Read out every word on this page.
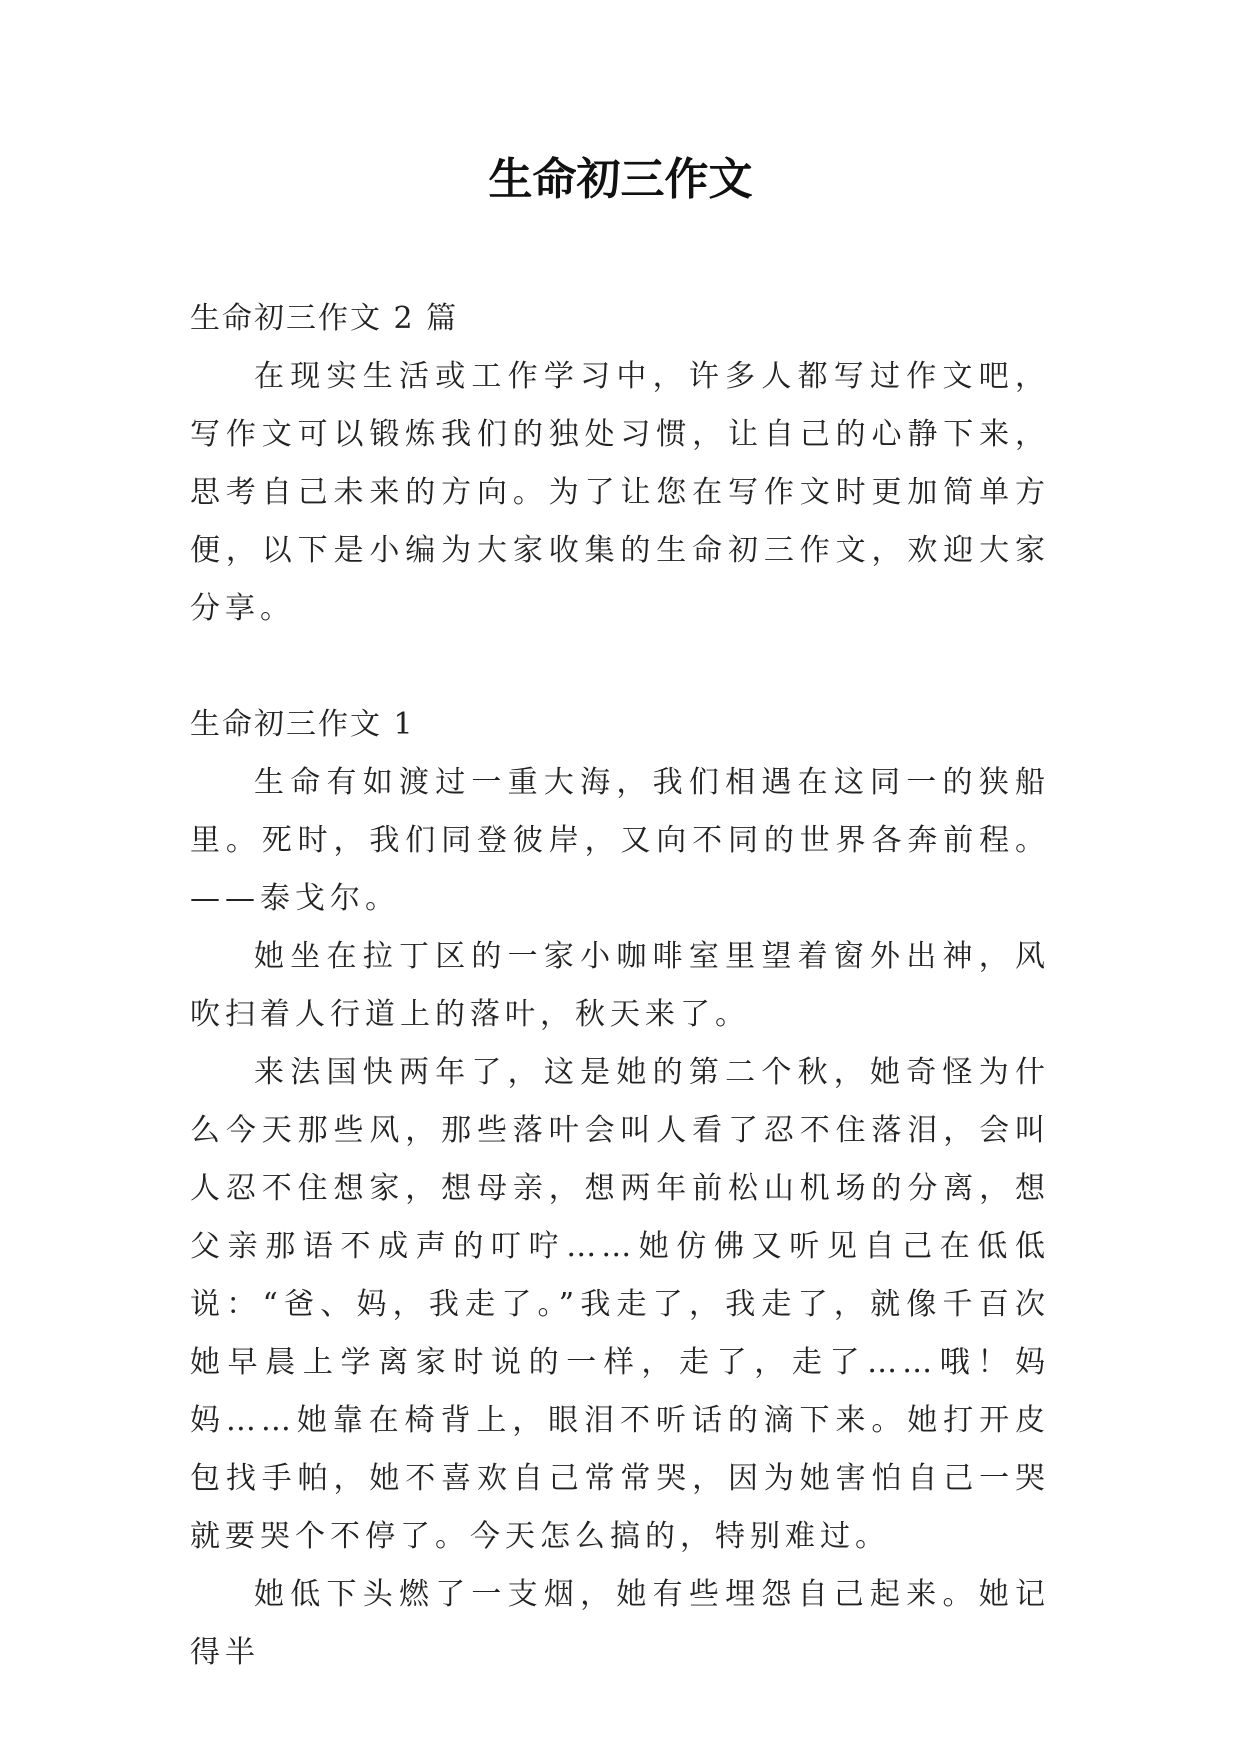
生命初三作文

生命初三作文 2 篇

在现实生活或工作学习中，许多人都写过作文吧，写作文可以锻炼我们的独处习惯，让自己的心静下来，思考自己未来的方向。为了让您在写作文时更加简单方便，以下是小编为大家收集的生命初三作文，欢迎大家分享。

生命初三作文 1

生命有如渡过一重大海，我们相遇在这同一的狭船里。死时，我们同登彼岸，又向不同的世界各奔前程。——泰戈尔。

她坐在拉丁区的一家小咖啡室里望着窗外出神，风吹扫着人行道上的落叶，秋天来了。

来法国快两年了，这是她的第二个秋，她奇怪为什么今天那些风，那些落叶会叫人看了忍不住落泪，会叫人忍不住想家，想母亲，想两年前松山机场的分离，想父亲那语不成声的叮咛……她仿佛又听见自己在低低说：“爸、妈，我走了。”我走了，我走了，就像千百次她早晨上学离家时说的一样，走了，走了……哦！妈妈……她靠在椅背上，眼泪不听话的滴下来。她打开皮包找手帕，她不喜欢自己常常哭，因为她害怕自己一哭就要哭个不停了。今天怎么搞的，特别难过。

她低下头燃了一支烟，她有些埋怨自己起来。她记得半
